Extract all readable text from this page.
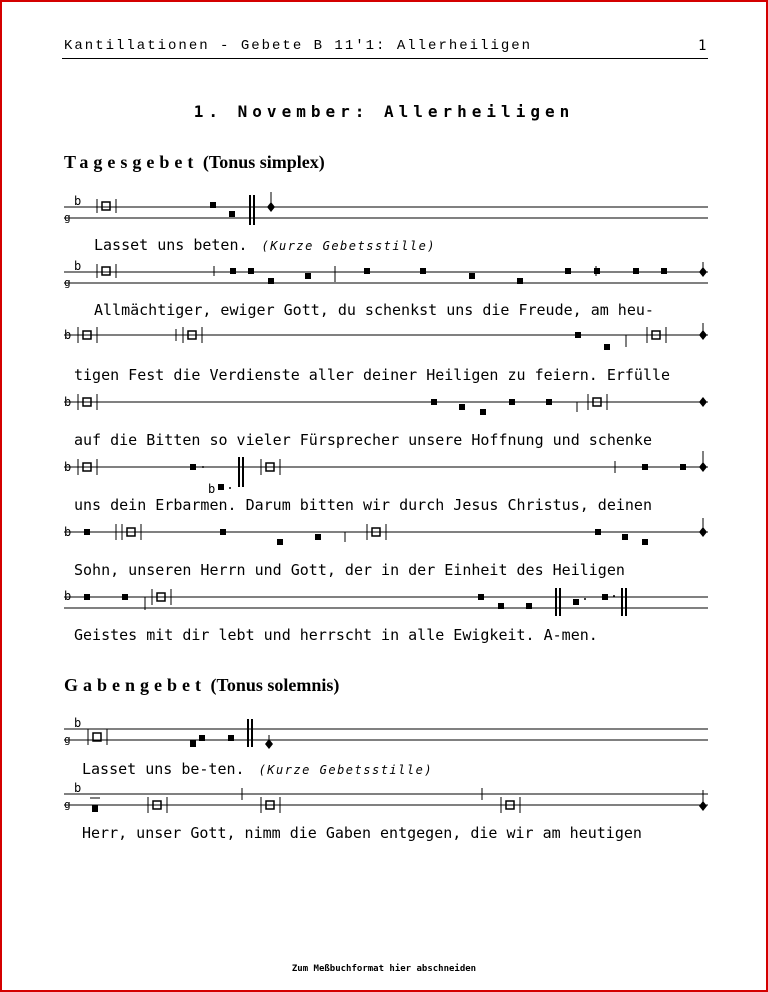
Kantillationen - Gebete B 11'1: Allerheiligen	1
1. November: Allerheiligen
Tagesgebet (Tonus simplex)
b
g
Lasset uns beten. (Kurze Gebetsstille)
b
g
Allmächtiger, ewiger Gott, du schenkst uns die Freude, am heu-
b
tigen Fest die Verdienste aller deiner Heiligen zu feiern. Erfülle
b
auf die Bitten so vieler Fürsprecher unsere Hoffnung und schenke
b
b
uns dein Erbarmen. Darum bitten wir durch Jesus Christus, deinen
b
Sohn, unseren Herrn und Gott, der in der Einheit des Heiligen
b
Geistes mit dir lebt und herrscht in alle Ewigkeit. A-men.
Gabengebet (Tonus solemnis)
b
g
Lasset uns be-ten. (Kurze Gebetsstille)
b
g
Herr, unser Gott, nimm die Gaben entgegen, die wir am heutigen
Zum Meßbuchformat hier abschneiden
